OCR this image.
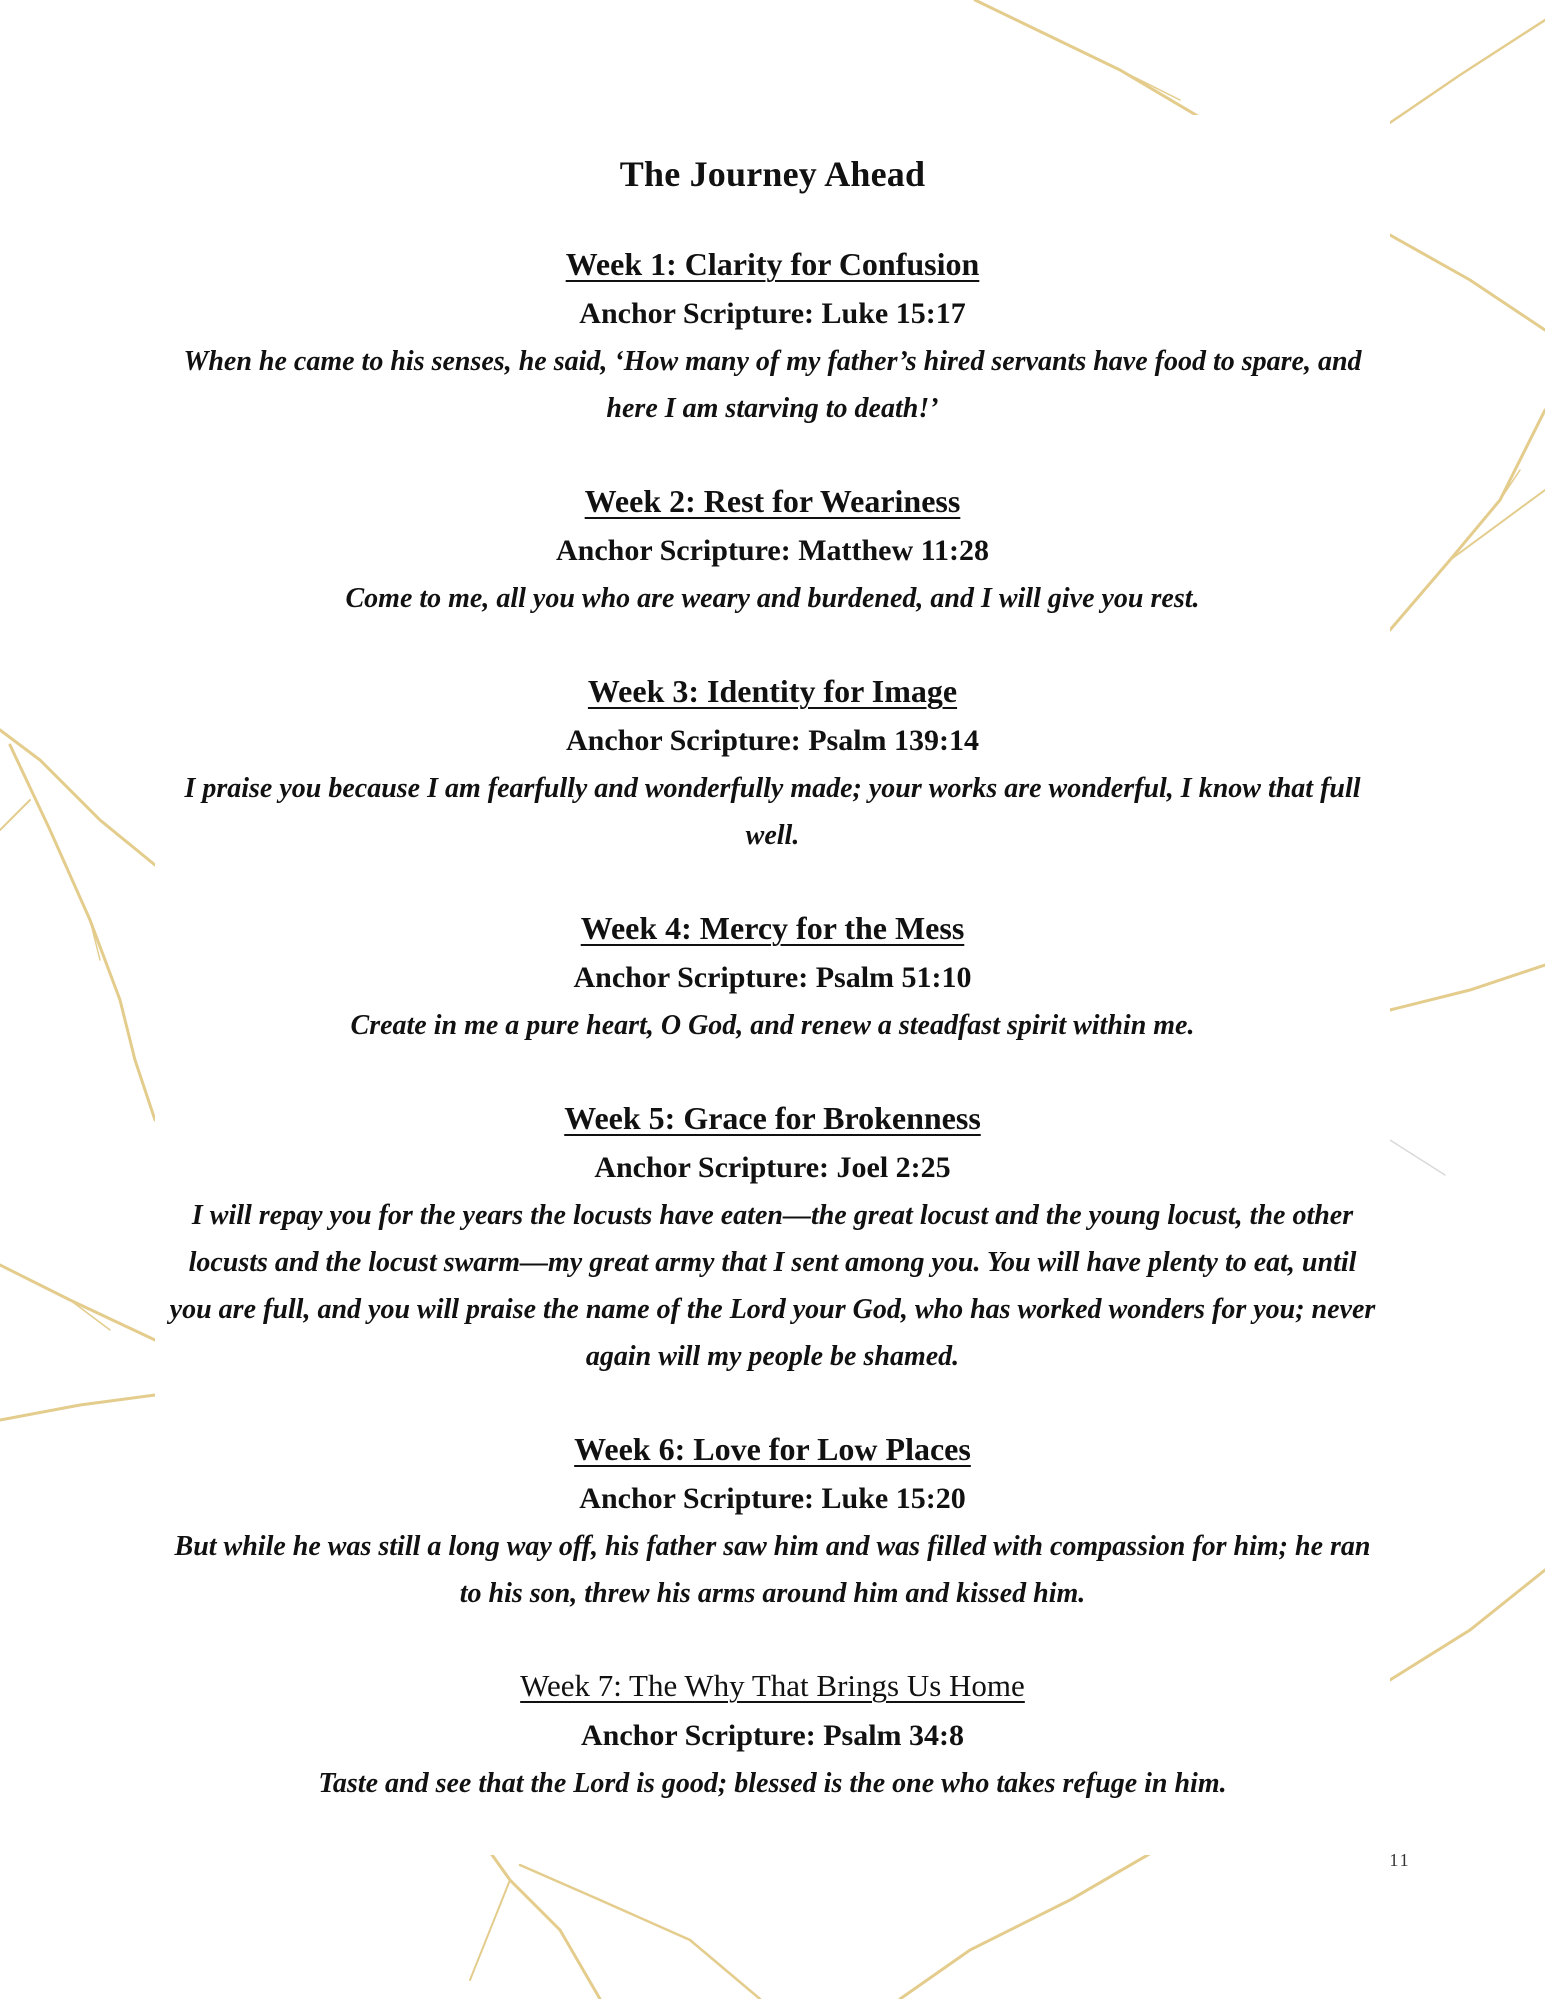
The Journey Ahead
Week 1: Clarity for Confusion
Anchor Scripture: Luke 15:17

When he came to his senses, he said, ‘How many of my father’s hired servants have food to spare, and here I am starving to death!’

Week 2: Rest for Weariness
Anchor Scripture: Matthew 11:28

Come to me, all you who are weary and burdened, and I will give you rest.

Week 3: Identity for Image
Anchor Scripture: Psalm 139:14

I praise you because I am fearfully and wonderfully made; your works are wonderful, I know that full well.

Week 4: Mercy for the Mess
Anchor Scripture: Psalm 51:10

Create in me a pure heart, O God, and renew a steadfast spirit within me.

Week 5: Grace for Brokenness
Anchor Scripture: Joel 2:25

I will repay you for the years the locusts have eaten—the great locust and the young locust, the other locusts and the locust swarm—my great army that I sent among you. You will have plenty to eat, until you are full, and you will praise the name of the Lord your God, who has worked wonders for you; never again will my people be shamed.

Week 6: Love for Low Places
Anchor Scripture: Luke 15:20

But while he was still a long way off, his father saw him and was filled with compassion for him; he ran to his son, threw his arms around him and kissed him.

Week 7: The Why That Brings Us Home
Anchor Scripture: Psalm 34:8

Taste and see that the Lord is good; blessed is the one who takes refuge in him.

11
